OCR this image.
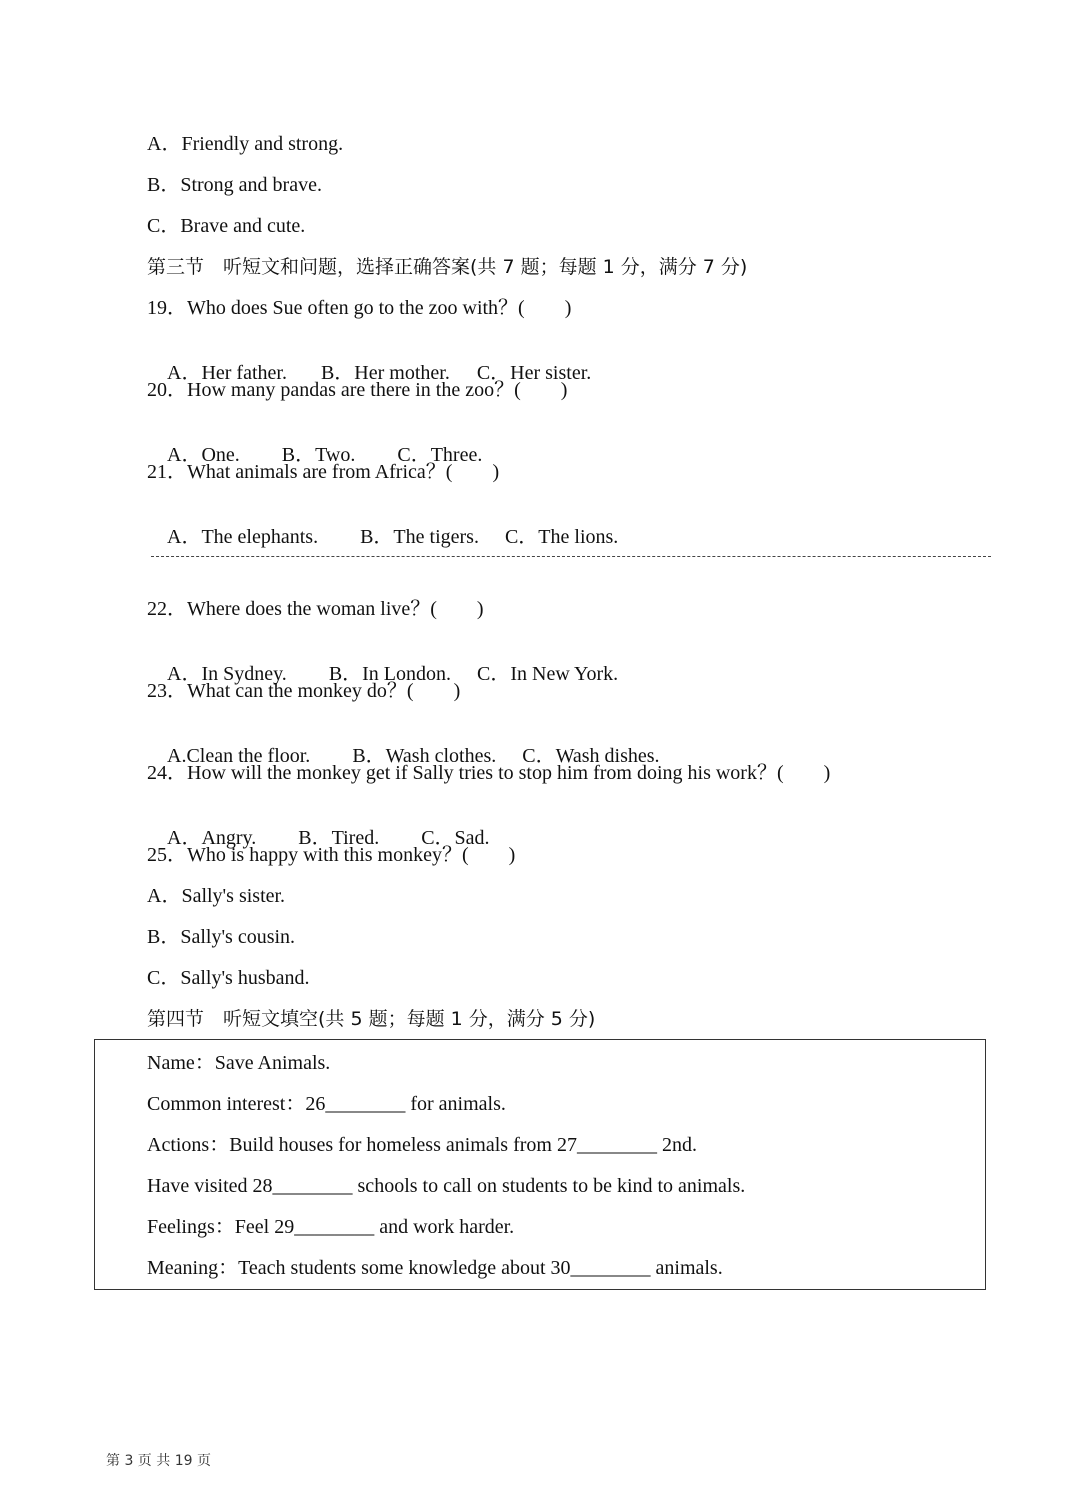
A．Friendly and strong.
B．Strong and brave.
C．Brave and cute.
第三节　听短文和问题，选择正确答案(共 7 题；每题 1 分，满分 7 分)
19．Who does Sue often go to the zoo with？(　　)

A．Her father. B．Her mother. C．Her sister.

20．How many pandas are there in the zoo？(　　)

A．One. B．Two. C．Three.

21．What animals are from Africa？(　　)

A．The elephants. B．The tigers. C．The lions.

22．Where does the woman live？(　　)

A．In Sydney. B．In London. C．In New York.

23．What can the monkey do？(　　)

A.Clean the floor. B．Wash clothes. C．Wash dishes.

24．How will the monkey get if Sally tries to stop him from doing his work？(　　)

A．Angry. B．Tired. C．Sad.

25．Who is happy with this monkey？(　　)
A．Sally's sister.
B．Sally's cousin.
C．Sally's husband.
第四节　听短文填空(共 5 题；每题 1 分，满分 5 分)
Name：Save Animals.
Common interest：26________ for animals.
Actions：Build houses for homeless animals from 27________ 2nd.
Have visited 28________ schools to call on students to be kind to animals.
Feelings：Feel 29________ and work harder.
Meaning：Teach students some knowledge about 30________ animals.
第 3 页 共 19 页
